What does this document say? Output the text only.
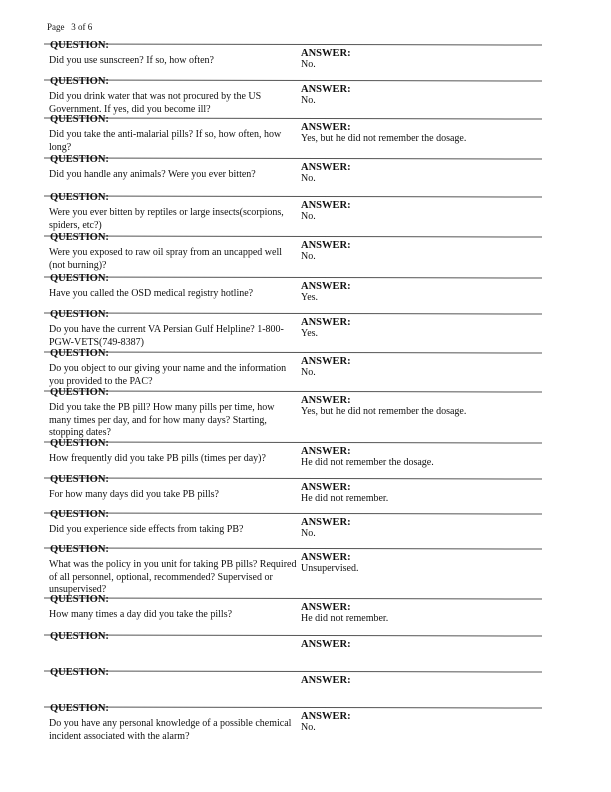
Page 3 of 6
QUESTION:
ANSWER:
Did you use sunscreen? If so, how often?	No.
QUESTION:
ANSWER:
Did you drink water that was not procured by the US Government. If yes, did you become ill?
No.
QUESTION:
ANSWER:
Did you take the anti-malarial pills? If so, how often, how long?
Yes, but he did not remember the dosage.
QUESTION:
ANSWER:
Did you handle any animals? Were you ever bitten?	No.
QUESTION:
ANSWER:
Were you ever bitten by reptiles or large insects(scorpions, spiders, etc?)
No.
QUESTION:
ANSWER:
Were you exposed to raw oil spray from an uncapped well (not burning)?
No.
QUESTION:
ANSWER:
Have you called the OSD medical registry hotline?	Yes.
QUESTION:
ANSWER:
Do you have the current VA Persian Gulf Helpline? 1-800-PGW-VETS(749-8387)
Yes.
QUESTION:
ANSWER:
Do you object to our giving your name and the information you provided to the PAC?
No.
QUESTION:
ANSWER:
Did you take the PB pill? How many pills per time, how many times per day, and for how many days? Starting, stopping dates?
Yes, but he did not remember the dosage.
QUESTION:
ANSWER:
How frequently did you take PB pills (times per day)?	He did not remember the dosage.
QUESTION:
ANSWER:
For how many days did you take PB pills?	He did not remember.
QUESTION:
ANSWER:
Did you experience side effects from taking PB?	No.
QUESTION:
ANSWER:
What was the policy in you unit for taking PB pills? Required of all personnel, optional, recommended? Supervised or unsupervised?
Unsupervised.
QUESTION:
ANSWER:
How many times a day did you take the pills?	He did not remember.
QUESTION:
ANSWER:
QUESTION:
ANSWER:
QUESTION:
ANSWER:
Do you have any personal knowledge of a possible chemical incident associated with the alarm?
No.
